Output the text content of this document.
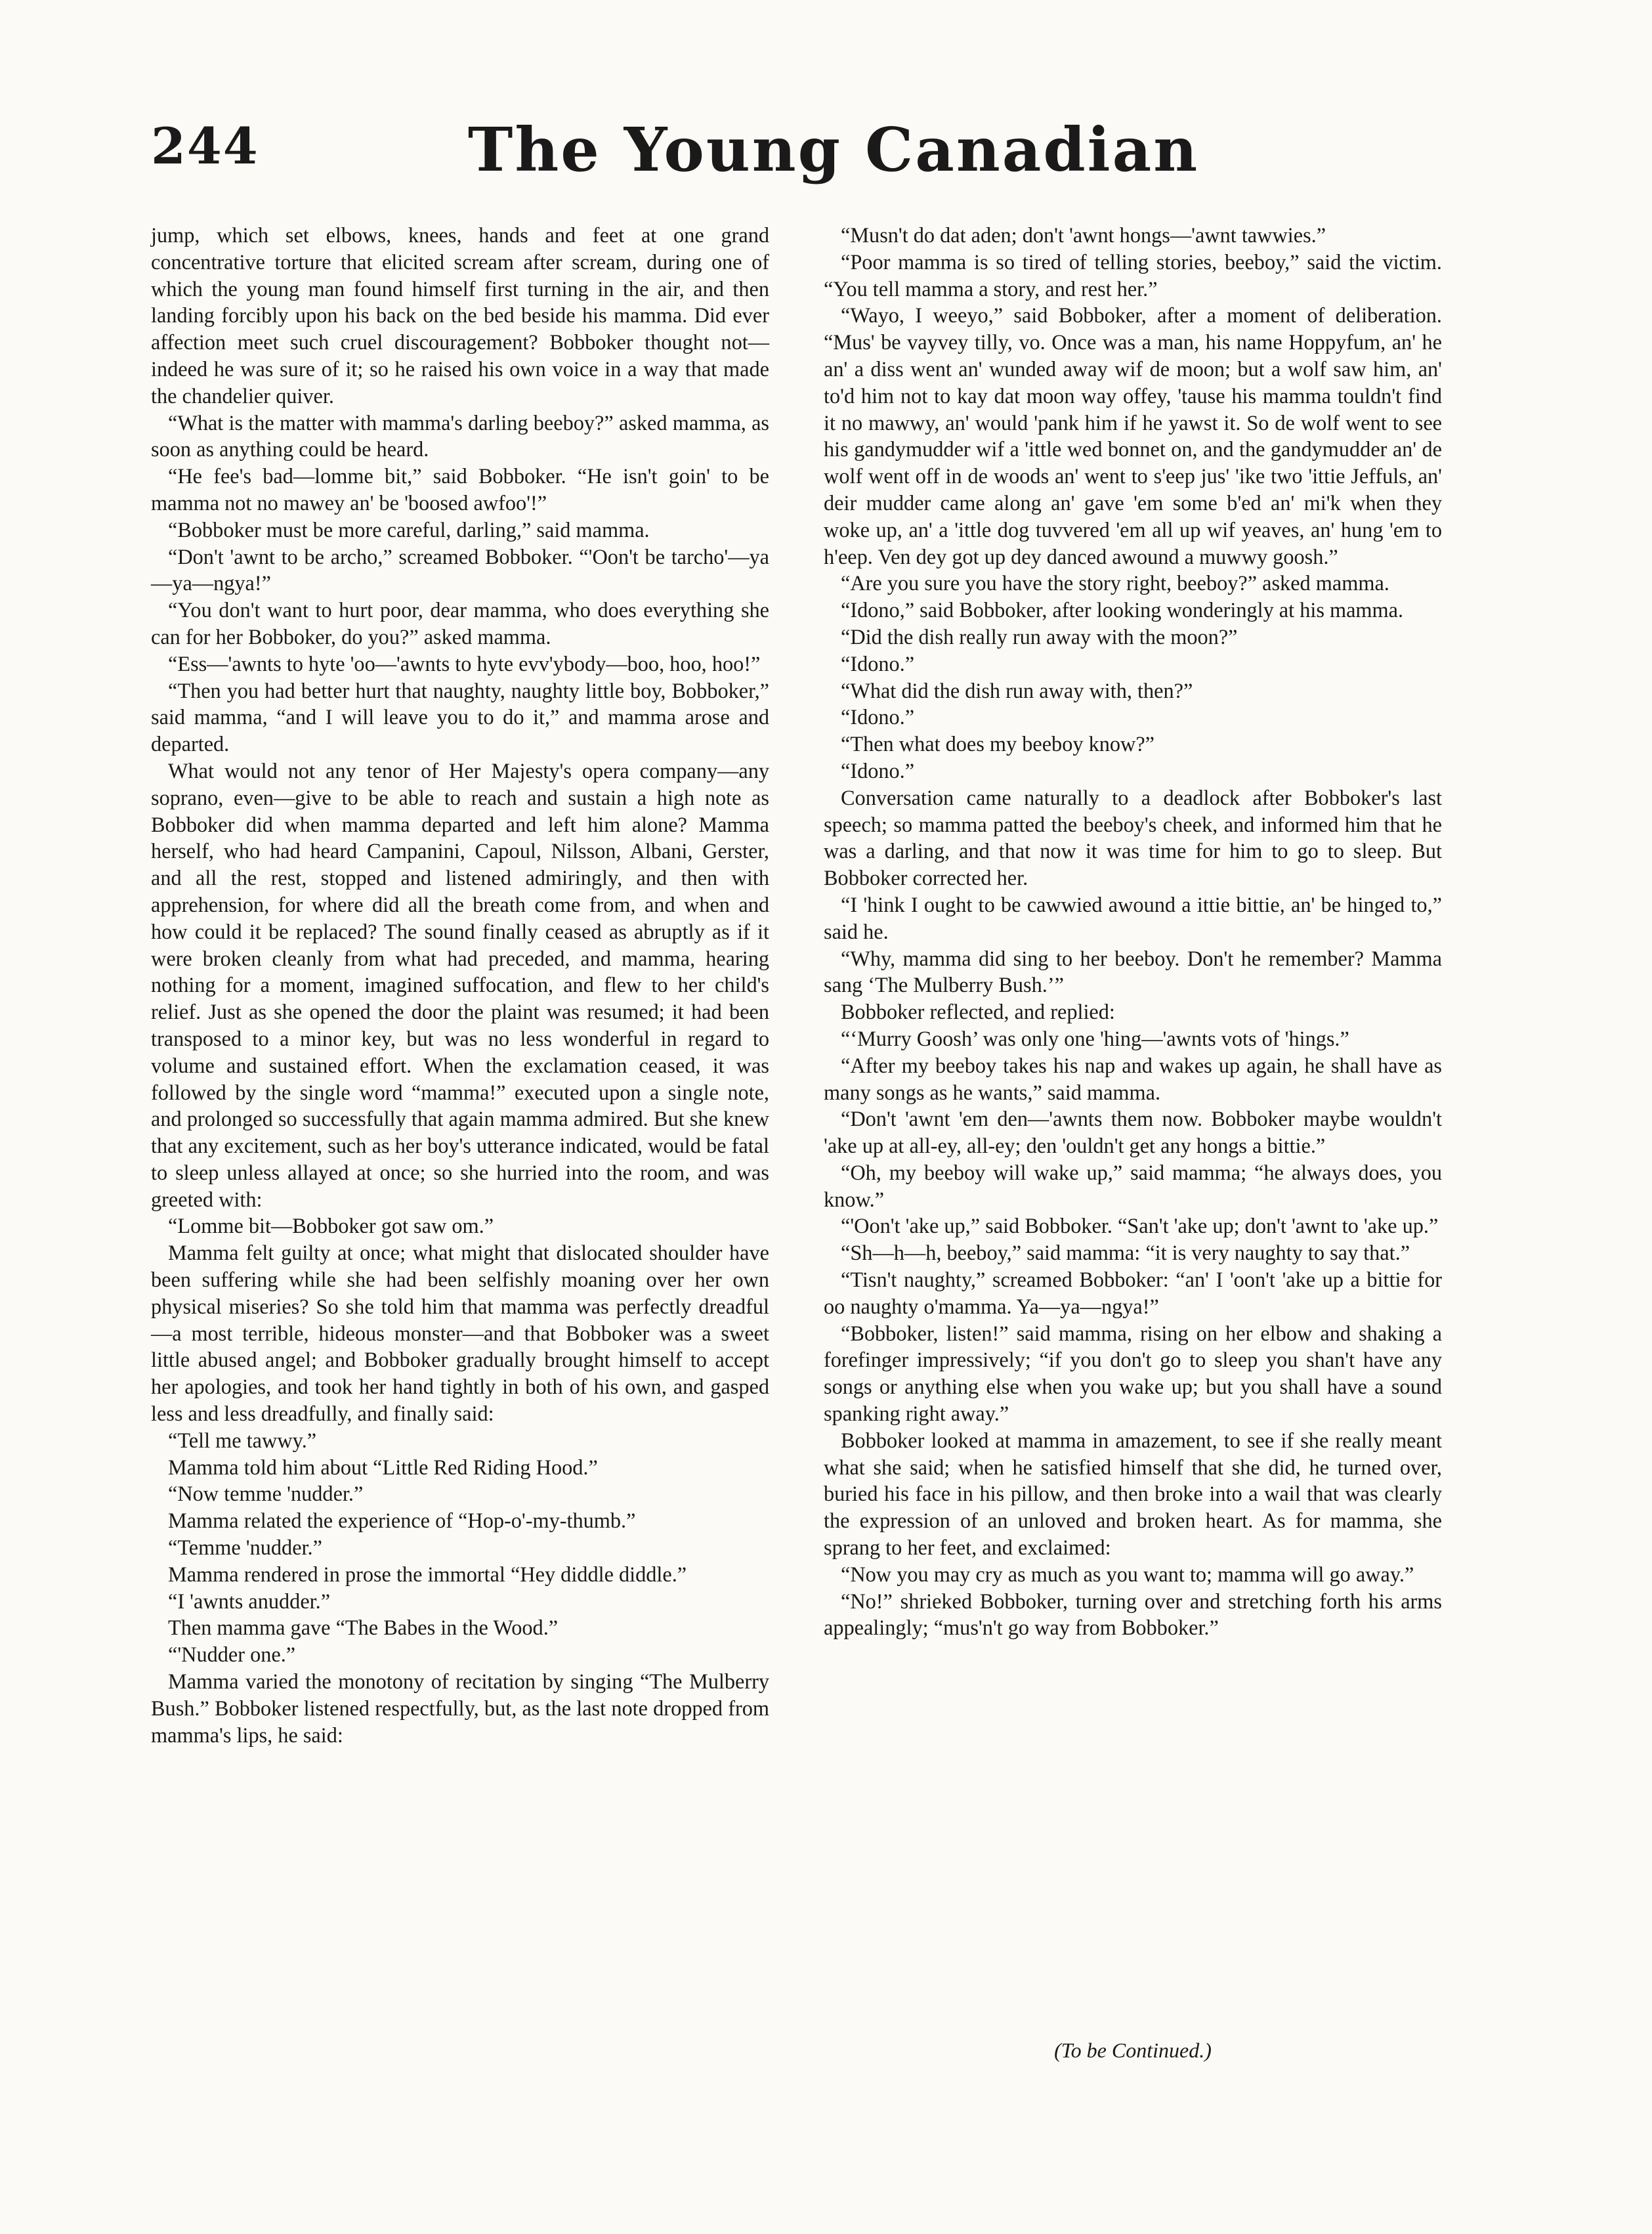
244	The Young Canadian

jump, which set elbows, knees, hands and feet at one grand concentrative torture that elicited scream after scream, during one of which the young man found himself first turning in the air, and then landing forcibly upon his back on the bed beside his mamma. Did ever affection meet such cruel discouragement? Bobboker thought not—indeed he was sure of it; so he raised his own voice in a way that made the chandelier quiver.

“What is the matter with mamma's darling beeboy?” asked mamma, as soon as anything could be heard.

“He fee's bad—lomme bit,” said Bobboker. “He isn't goin' to be mamma not no mawey an' be 'boosed awfoo'!”

“Bobboker must be more careful, darling,” said mamma.

“Don't 'awnt to be archo,” screamed Bobboker. “'Oon't be tarcho'—ya—ya—ngya!”

“You don't want to hurt poor, dear mamma, who does everything she can for her Bobboker, do you?” asked mamma.

“Ess—'awnts to hyte 'oo—'awnts to hyte evv'ybody—boo, hoo, hoo!”

“Then you had better hurt that naughty, naughty little boy, Bobboker,” said mamma, “and I will leave you to do it,” and mamma arose and departed.

What would not any tenor of Her Majesty's opera company—any soprano, even—give to be able to reach and sustain a high note as Bobboker did when mamma departed and left him alone? Mamma herself, who had heard Campanini, Capoul, Nilsson, Albani, Gerster, and all the rest, stopped and listened admiringly, and then with apprehension, for where did all the breath come from, and when and how could it be replaced? The sound finally ceased as abruptly as if it were broken cleanly from what had preceded, and mamma, hearing nothing for a moment, imagined suffocation, and flew to her child's relief. Just as she opened the door the plaint was resumed; it had been transposed to a minor key, but was no less wonderful in regard to volume and sustained effort. When the exclamation ceased, it was followed by the single word “mamma!” executed upon a single note, and prolonged so successfully that again mamma admired. But she knew that any excitement, such as her boy's utterance indicated, would be fatal to sleep unless allayed at once; so she hurried into the room, and was greeted with:

“Lomme bit—Bobboker got saw om.”

Mamma felt guilty at once; what might that dislocated shoulder have been suffering while she had been selfishly moaning over her own physical miseries? So she told him that mamma was perfectly dreadful—a most terrible, hideous monster—and that Bobboker was a sweet little abused angel; and Bobboker gradually brought himself to accept her apologies, and took her hand tightly in both of his own, and gasped less and less dreadfully, and finally said:

“Tell me tawwy.”

Mamma told him about “Little Red Riding Hood.”

“Now temme 'nudder.”

Mamma related the experience of “Hop-o'-my-thumb.”

“Temme 'nudder.”

Mamma rendered in prose the immortal “Hey diddle diddle.”

“I 'awnts anudder.”

Then mamma gave “The Babes in the Wood.”

“'Nudder one.”

Mamma varied the monotony of recitation by singing “The Mulberry Bush.” Bobboker listened respectfully, but, as the last note dropped from mamma's lips, he said:

“Musn't do dat aden; don't 'awnt hongs—'awnt tawwies.”

“Poor mamma is so tired of telling stories, beeboy,” said the victim. “You tell mamma a story, and rest her.”

“Wayo, I weeyo,” said Bobboker, after a moment of deliberation. “Mus' be vayvey tilly, vo. Once was a man, his name Hoppyfum, an' he an' a diss went an' wunded away wif de moon; but a wolf saw him, an' to'd him not to kay dat moon way offey, 'tause his mamma touldn't find it no mawwy, an' would 'pank him if he yawst it. So de wolf went to see his gandymudder wif a 'ittle wed bonnet on, and the gandymudder an' de wolf went off in de woods an' went to s'eep jus' 'ike two 'ittie Jeffuls, an' deir mudder came along an' gave 'em some b'ed an' mi'k when they woke up, an' a 'ittle dog tuvvered 'em all up wif yeaves, an' hung 'em to h'eep. Ven dey got up dey danced awound a muwwy goosh.”

“Are you sure you have the story right, beeboy?” asked mamma.

“Idono,” said Bobboker, after looking wonderingly at his mamma.

“Did the dish really run away with the moon?”

“Idono.”

“What did the dish run away with, then?”

“Idono.”

“Then what does my beeboy know?”

“Idono.”

Conversation came naturally to a deadlock after Bobboker's last speech; so mamma patted the beeboy's cheek, and informed him that he was a darling, and that now it was time for him to go to sleep. But Bobboker corrected her.

“I 'hink I ought to be cawwied awound a ittie bittie, an' be hinged to,” said he.

“Why, mamma did sing to her beeboy. Don't he remember? Mamma sang ‘The Mulberry Bush.’”

Bobboker reflected, and replied:

“‘Murry Goosh’ was only one 'hing—'awnts vots of 'hings.”

“After my beeboy takes his nap and wakes up again, he shall have as many songs as he wants,” said mamma.

“Don't 'awnt 'em den—'awnts them now. Bobboker maybe wouldn't 'ake up at all-ey, all-ey; den 'ouldn't get any hongs a bittie.”

“Oh, my beeboy will wake up,” said mamma; “he always does, you know.”

“'Oon't 'ake up,” said Bobboker. “San't 'ake up; don't 'awnt to 'ake up.”

“Sh—h—h, beeboy,” said mamma: “it is very naughty to say that.”

“Tisn't naughty,” screamed Bobboker: “an' I 'oon't 'ake up a bittie for oo naughty o'mamma. Ya—ya—ngya!”

“Bobboker, listen!” said mamma, rising on her elbow and shaking a forefinger impressively; “if you don't go to sleep you shan't have any songs or anything else when you wake up; but you shall have a sound spanking right away.”

Bobboker looked at mamma in amazement, to see if she really meant what she said; when he satisfied himself that she did, he turned over, buried his face in his pillow, and then broke into a wail that was clearly the expression of an unloved and broken heart. As for mamma, she sprang to her feet, and exclaimed:

“Now you may cry as much as you want to; mamma will go away.”

“No!” shrieked Bobboker, turning over and stretching forth his arms appealingly; “mus'n't go way from Bobboker.”

(To be Continued.)
